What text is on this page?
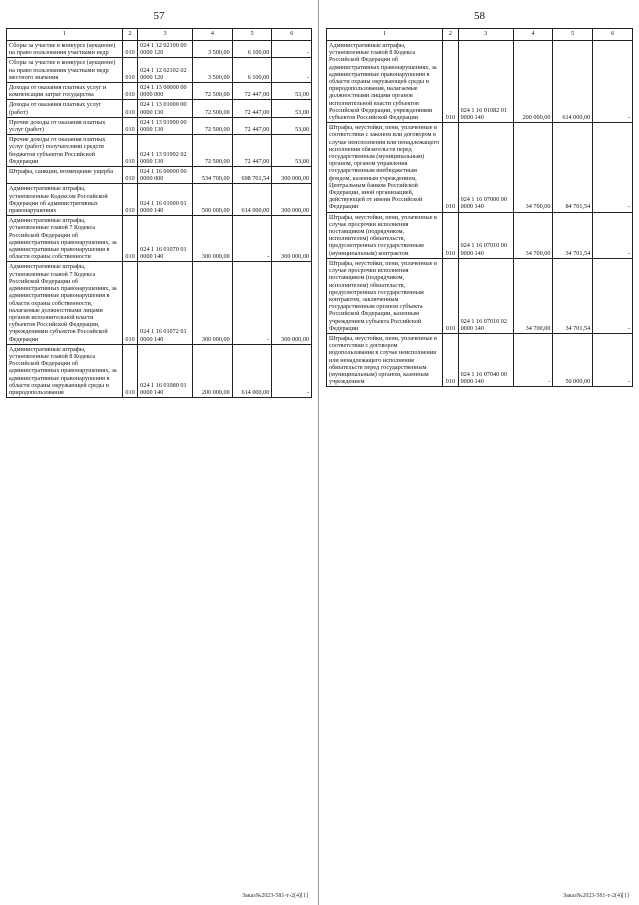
57
1	2	3	4	5	6
Сборы за участие в конкурсе (аукционе) на право пользования участками недр	010	024 1 12 02100 00 0000 120	3 500,00	6 100,00	-
Сборы за участие в конкурсе (аукционе) на право пользования участками недр местного значения	010	024 1 12 02102 02 0000 120	3 500,00	6 100,00	-
Доходы от оказания платных услуг и компенсации затрат государства	010	024 1 13 00000 00 0000 000	72 500,00	72 447,00	53,00
Доходы от оказания платных услуг (работ)	010	024 1 13 01000 00 0000 130	72 500,00	72 447,00	53,00
Прочие доходы от оказания платных услуг (работ)	010	024 1 13 01990 00 0000 130	72 500,00	72 447,00	53,00
Прочие доходы от оказания платных услуг (работ) получателями средств бюджетов субъектов Российской Федерации	010	024 1 13 01992 02 0000 130	72 500,00	72 447,00	53,00
Штрафы, санкции, возмещение ущерба	010	024 1 16 00000 00 0000 000	534 700,00	698 701,54	300 000,00
Административные штрафы, установленные Кодексом Российской Федерации об административных правонарушениях	010	024 1 16 01000 01 0000 140	500 000,00	614 000,00	300 000,00
Административные штрафы, установленные главой 7 Кодекса Российской Федерации об административных правонарушениях, за административные правонарушения в области охраны собственности	010	024 1 16 01070 01 0000 140	300 000,00	-	300 000,00
Административные штрафы, установленные главой 7 Кодекса Российской Федерации об административных правонарушениях, за административные правонарушения в области охраны собственности, налагаемые должностными лицами органов исполнительной власти субъектов Российской Федерации, учреждениями субъектов Российской Федерации	010	024 1 16 01072 01 0000 140	300 000,00	-	300 000,00
Административные штрафы, установленные главой 8 Кодекса Российской Федерации об административных правонарушениях, за административные правонарушения в области охраны окружающей среды и природопользования	010	024 1 16 01080 01 0000 140	200 000,00	614 000,00	-
Заказ№2023-581-т-2(4)[1]
58
1	2	3	4	5	6
Административные штрафы, установленные главой 8 Кодекса Российской Федерации об административных правонарушениях, за административные правонарушения в области охраны окружающей среды и природопользования, налагаемые должностными лицами органов исполнительной власти субъектов Российской Федерации, учреждениями субъектов Российской Федерации	010	024 1 16 01082 01 0000 140	200 000,00	614 000,00	-
Штрафы, неустойки, пени, уплаченные в соответствии с законом или договором в случае неисполнения или ненадлежащего исполнения обязательств перед государственным (муниципальным) органом, органом управления государственным внебюджетным фондом, казенным учреждением, Центральным банком Российской Федерации, иной организацией, действующей от имени Российской Федерации	010	024 1 16 07000 00 0000 140	34 700,00	84 701,54	-
Штрафы, неустойки, пени, уплаченные в случае просрочки исполнения поставщиком (подрядчиком, исполнителем) обязательств, предусмотренных государственным (муниципальным) контрактом	010	024 1 16 07010 00 0000 140	34 700,00	34 701,54	-
Штрафы, неустойки, пени, уплаченные в случае просрочки исполнения поставщиком (подрядчиком, исполнителем) обязательств, предусмотренных государственным контрактом, заключенным государственным органом субъекта Российской Федерации, казенным учреждением субъекта Российской Федерации	010	024 1 16 07010 02 0000 140	34 700,00	34 701,54	-
Штрафы, неустойки, пени, уплаченные в соответствии с договором водопользования в случае неисполнения или ненадлежащего исполнения обязательств перед государственным (муниципальным) органом, казенным учреждением	010	024 1 16 07040 00 0000 140	-	50 000,00	-
Заказ№2023-581-т-2(4)[1]
